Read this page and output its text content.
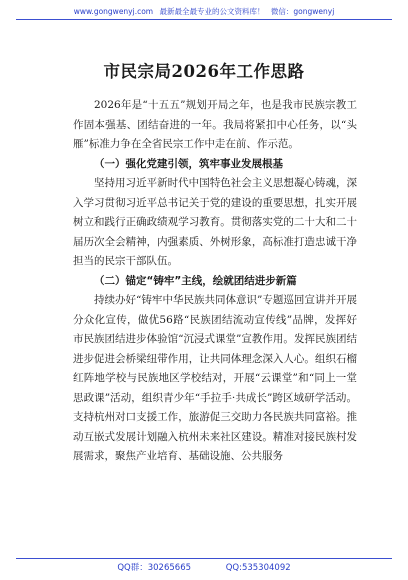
www.gongwenyj.com 最新最全最专业的公文资料库！ 微信：gongwenyj
市民宗局2026年工作思路

2026年是“十五五”规划开局之年，也是我市民族宗教工作固本强基、团结奋进的一年。我局将紧扣中心任务，以“头雁”标准力争在全省民宗工作中走在前、作示范。

（一）强化党建引领，筑牢事业发展根基

坚持用习近平新时代中国特色社会主义思想凝心铸魂，深入学习贯彻习近平总书记关于党的建设的重要思想，扎实开展树立和践行正确政绩观学习教育。贯彻落实党的二十大和二十届历次全会精神，内强素质、外树形象，高标准打造忠诚干净担当的民宗干部队伍。

（二）锚定“铸牢”主线，绘就团结进步新篇

持续办好“铸牢中华民族共同体意识”专题巡回宣讲并开展分众化宣传，做优56路“民族团结流动宣传线”品牌，发挥好市民族团结进步体验馆“沉浸式课堂”宣教作用。发挥民族团结进步促进会桥梁纽带作用，让共同体理念深入人心。组织石榴红阵地学校与民族地区学校结对，开展“云课堂”和“同上一堂思政课”活动，组织青少年“手拉手·共成长”跨区域研学活动。支持杭州对口支援工作，旅游促三交助力各民族共同富裕。推动互嵌式发展计划融入杭州未来社区建设。精准对接民族村发展需求，聚焦产业培育、基础设施、公共服务

QQ群：30265665	QQ:535304092
